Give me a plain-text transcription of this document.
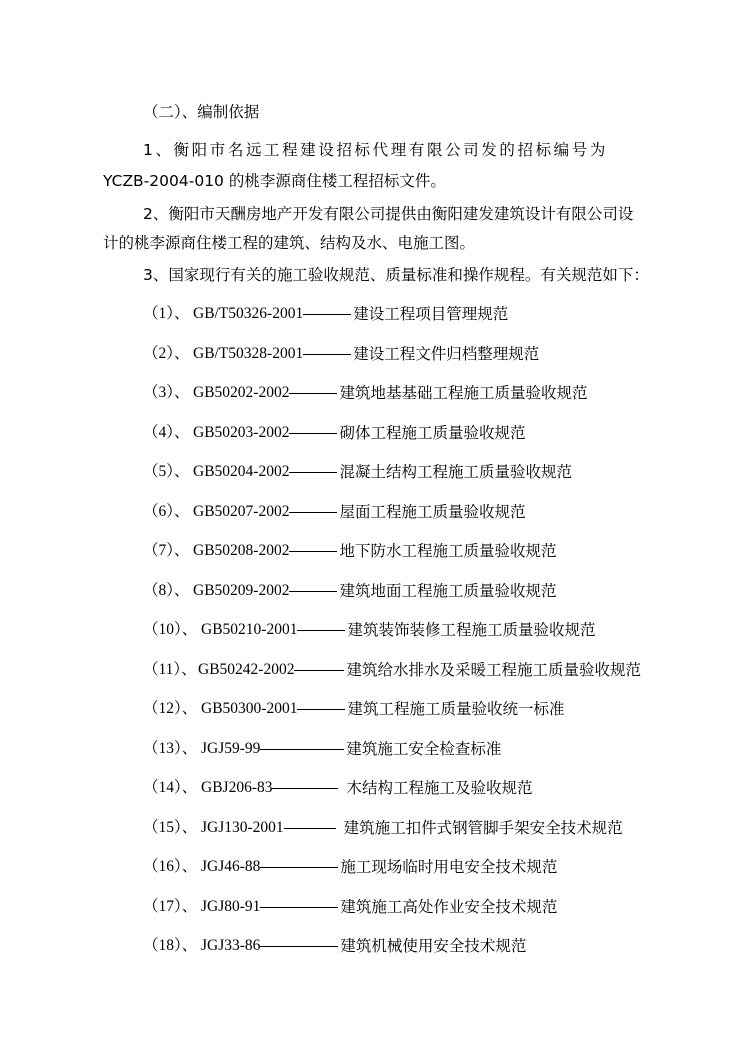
（二）、编制依据
1、衡阳市名远工程建设招标代理有限公司发的招标编号为
YCZB-2004-010 的桃李源商住楼工程招标文件。
2、衡阳市天酬房地产开发有限公司提供由衡阳建发建筑设计有限公司设
计的桃李源商住楼工程的建筑、结构及水、电施工图。
3、国家现行有关的施工验收规范、质量标准和操作规程。有关规范如下：
（1）、 GB/T50326-2001	建设工程项目管理规范
（2）、 GB/T50328-2001	建设工程文件归档整理规范
（3）、 GB50202-2002	建筑地基基础工程施工质量验收规范
（4）、 GB50203-2002	砌体工程施工质量验收规范
（5）、 GB50204-2002	混凝土结构工程施工质量验收规范
（6）、 GB50207-2002	屋面工程施工质量验收规范
（7）、 GB50208-2002	地下防水工程施工质量验收规范
（8）、 GB50209-2002	建筑地面工程施工质量验收规范
（10）、 GB50210-2001	建筑装饰装修工程施工质量验收规范
（11）、 GB50242-2002	建筑给水排水及采暖工程施工质量验收规范
（12）、 GB50300-2001	建筑工程施工质量验收统一标准
（13）、 JGJ59-99	建筑施工安全检查标准
（14）、 GBJ206-83	木结构工程施工及验收规范
（15）、 JGJ130-2001	建筑施工扣件式钢管脚手架安全技术规范
（16）、 JGJ46-88	施工现场临时用电安全技术规范
（17）、 JGJ80-91	建筑施工高处作业安全技术规范
（18）、 JGJ33-86	建筑机械使用安全技术规范
